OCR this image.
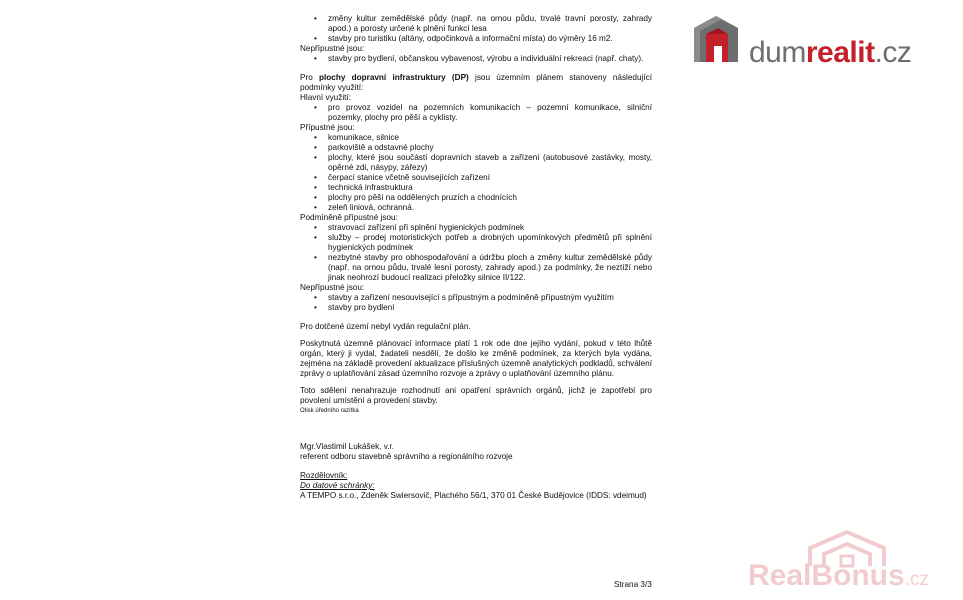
• změny kultur zemědělské půdy (např. na ornou půdu, trvalé travní porosty, zahrady apod.) a porosty určené k plnění funkcí lesa
• stavby pro turistiku (altány, odpočinková a informační místa) do výměry 16 m2.

Nepřípustné jsou:

• stavby pro bydlení, občanskou vybavenost, výrobu a individuální rekreaci (např. chaty).

Pro plochy dopravní infrastruktury (DP) jsou územním plánem stanoveny následující podmínky využití:

Hlavní využití:

• pro provoz vozidel na pozemních komunikacích – pozemní komunikace, silniční pozemky, plochy pro pěší a cyklisty.

Přípustné jsou:

• komunikace, silnice
• parkoviště a odstavné plochy
• plochy, které jsou součástí dopravních staveb a zařízení (autobusové zastávky, mosty, opěrné zdi, násypy, zářezy)
• čerpací stanice včetně souvisejících zařízení
• technická infrastruktura
• plochy pro pěší na oddělených pruzích a chodnících
• zeleň liniová, ochranná.

Podmíněně přípustné jsou:

• stravovací zařízení při splnění hygienických podmínek
• služby – prodej motoristických potřeb a drobných upomínkových předmětů při splnění hygienických podmínek
• nezbytné stavby pro obhospodařování a údržbu ploch a změny kultur zemědělské půdy (např. na ornou půdu, trvalé lesní porosty, zahrady apod.) za podmínky, že neztíží nebo jinak neohrozí budoucí realizaci přeložky silnice II/122.

Nepřípustné jsou:

• stavby a zařízení nesouvisející s přípustným a podmíněně přípustným využitím
• stavby pro bydlení

Pro dotčené území nebyl vydán regulační plán.

Poskytnutá územně plánovací informace platí 1 rok ode dne jejího vydání, pokud v této lhůtě orgán, který ji vydal, žadateli nesdělí, že došlo ke změně podmínek, za kterých byla vydána, zejména na základě provedení aktualizace příslušných územně analytických podkladů, schválení zprávy o uplatňování zásad územního rozvoje a zprávy o uplatňování územního plánu.

Toto sdělení nenahrazuje rozhodnutí ani opatření správních orgánů, jichž je zapotřebí pro povolení umístění a provedení stavby.

Otisk úředního razítka

Mgr.Vlastimil Lukášek, v.r.

referent odboru stavebně správního a regionálního rozvoje

Rozdělovník:

Do datové schránky:

A TEMPO s.r.o., Zdeněk Swiersovič, Plachého 56/1, 370 01 České Budějovice (IDDS: vdeimud)

Strana 3/3
dumrealit.cz
RealBonus.cz
